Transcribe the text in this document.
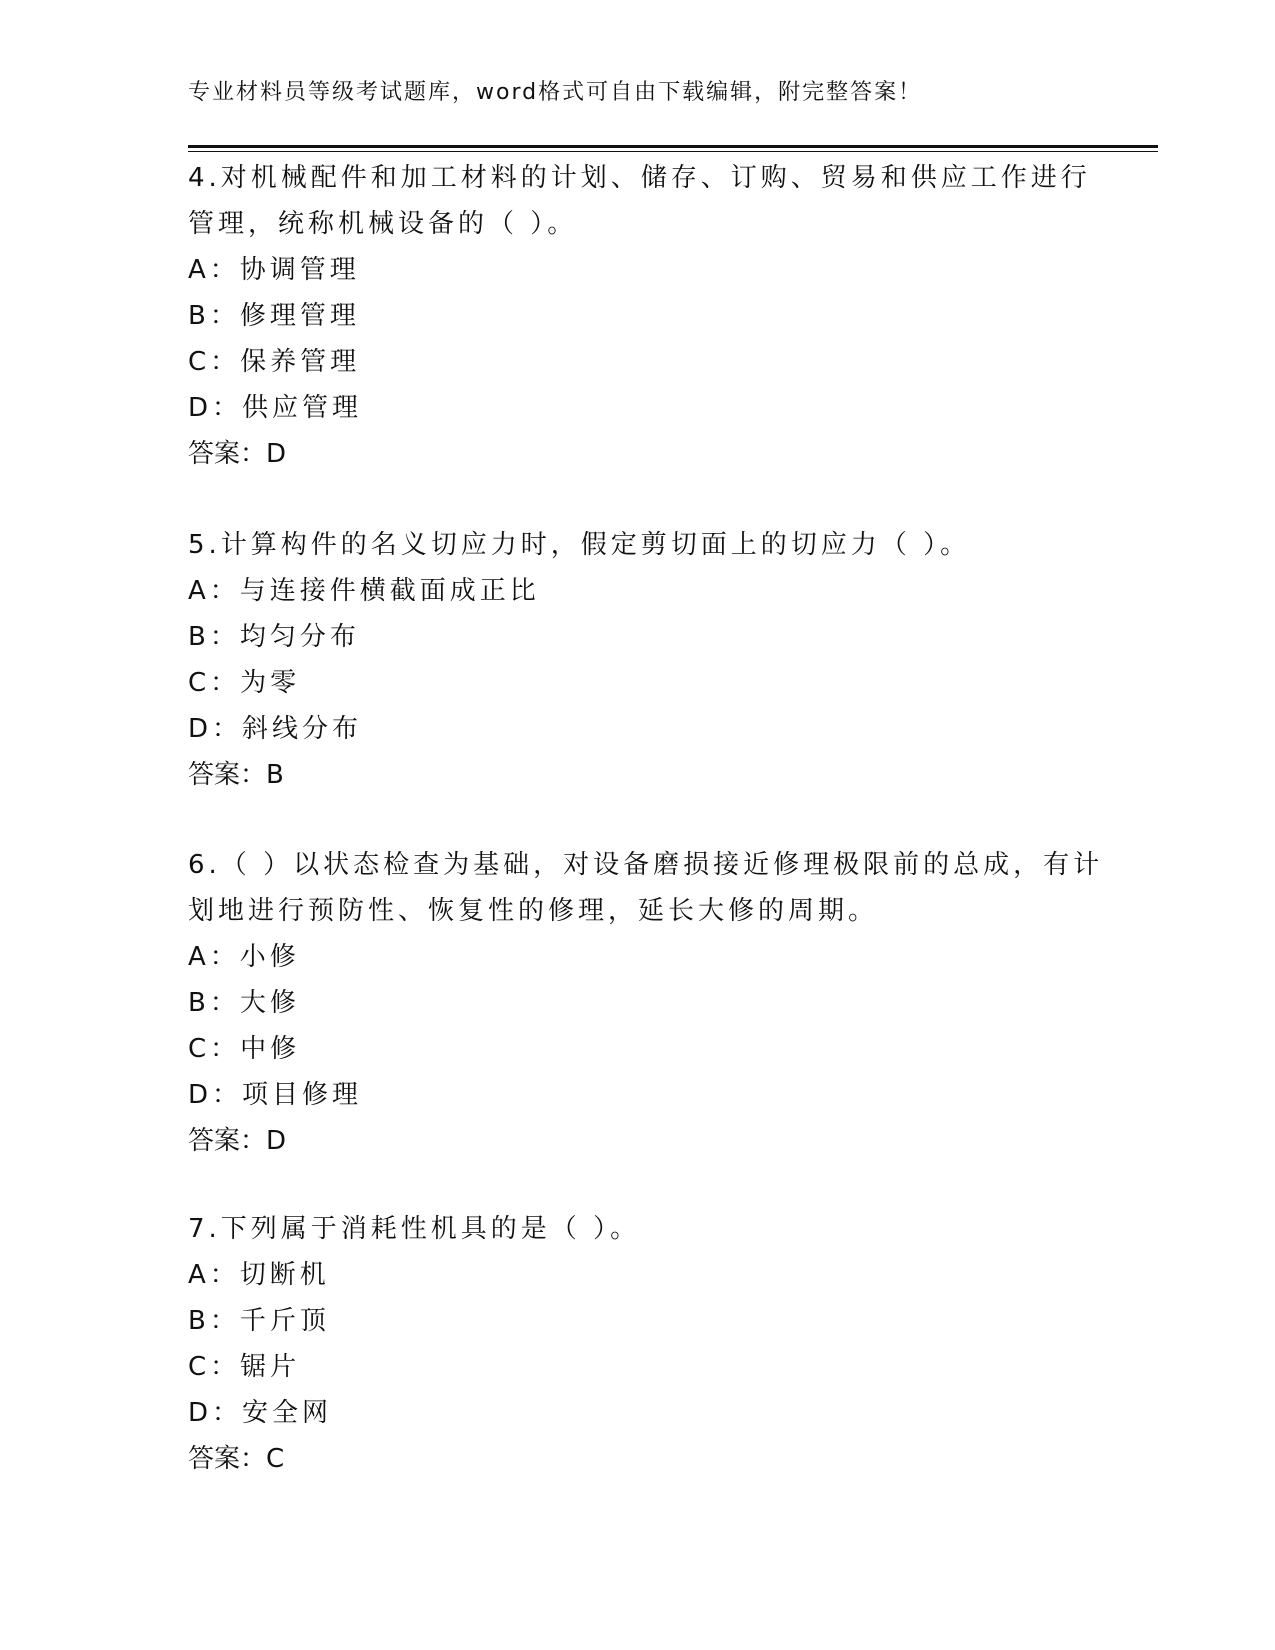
专业材料员等级考试题库，word格式可自由下载编辑，附完整答案！
4.对机械配件和加工材料的计划、储存、订购、贸易和供应工作进行
管理，统称机械设备的（ ）。
A：协调管理
B：修理管理
C：保养管理
D：供应管理
答案：D
5.计算构件的名义切应力时，假定剪切面上的切应力（ ）。
A：与连接件横截面成正比
B：均匀分布
C：为零
D：斜线分布
答案：B
6.（ ）以状态检查为基础，对设备磨损接近修理极限前的总成，有计
划地进行预防性、恢复性的修理，延长大修的周期。
A：小修
B：大修
C：中修
D：项目修理
答案：D
7.下列属于消耗性机具的是（ ）。
A：切断机
B：千斤顶
C：锯片
D：安全网
答案：C
